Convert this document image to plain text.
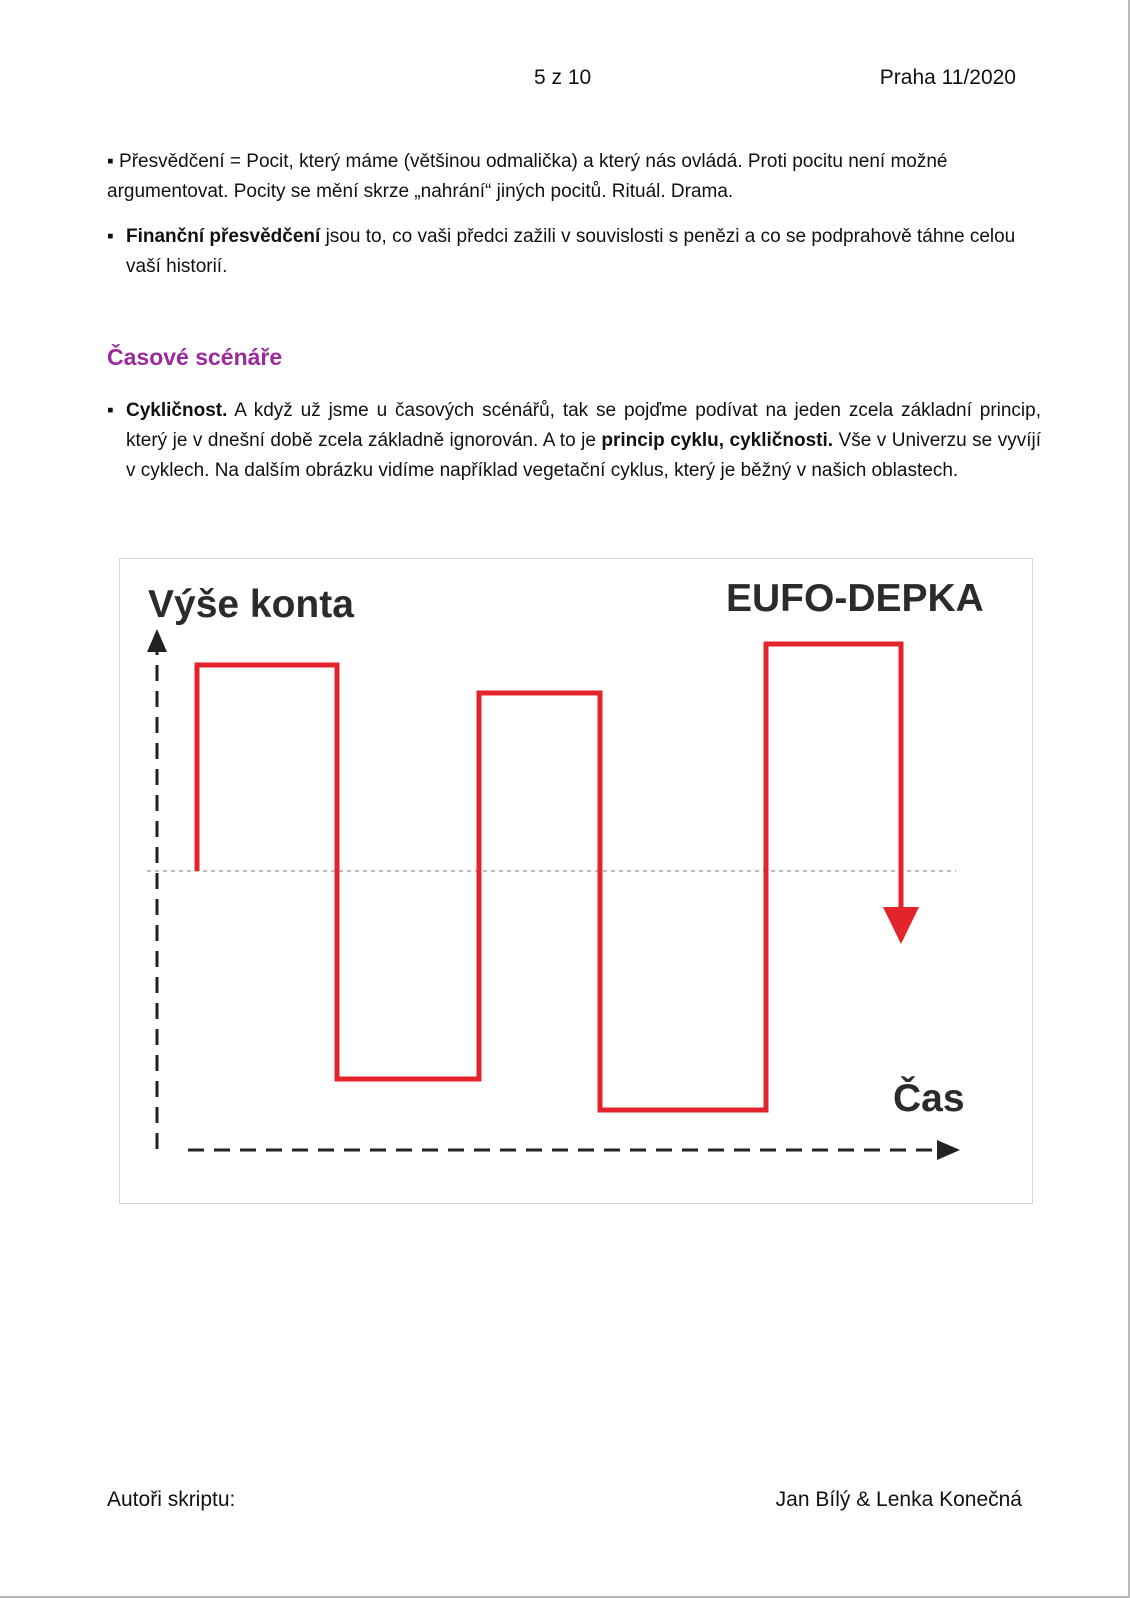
5 z 10	Praha 11/2020
▪ Přesvědčení = Pocit, který máme (většinou odmalička) a který nás ovládá. Proti pocitu není možné argumentovat. Pocity se mění skrze „nahrání“ jiných pocitů. Rituál. Drama.
▪ Finanční přesvědčení jsou to, co vaši předci zažili v souvislosti s penězi a co se podprahově táhne celou vaší historií.
Časové scénáře
▪ Cykličnost. A když už jsme u časových scénářů, tak se pojďme podívat na jeden zcela základní princip, který je v dnešní době zcela základně ignorován. A to je princip cyklu, cykličnosti. Vše v Univerzu se vyvíjí v cyklech. Na dalším obrázku vidíme například vegetační cyklus, který je běžný v našich oblastech.
Výše konta	EUFO-DEPKA
Čas
Autoři skriptu:	Jan Bílý & Lenka Konečná
